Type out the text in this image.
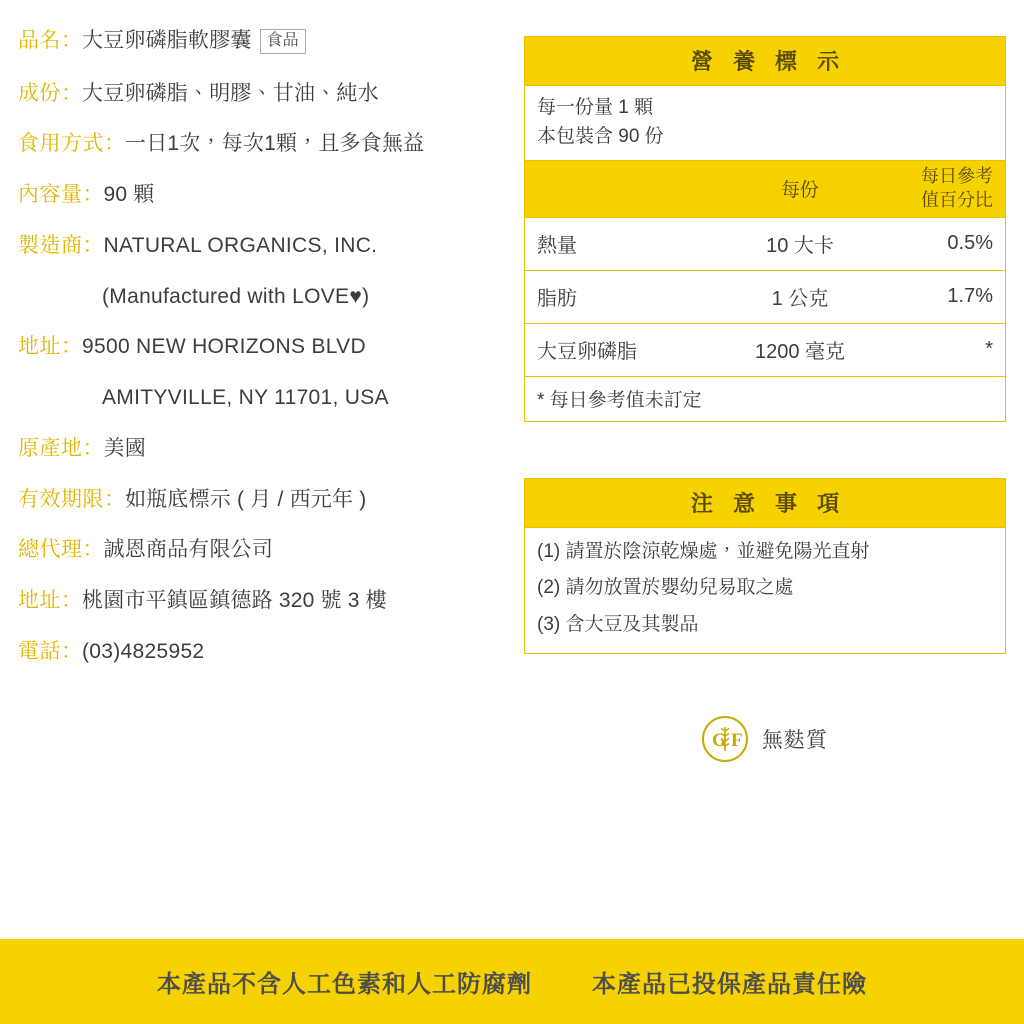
品名 ： 大豆卵磷脂軟膠囊 食品
成份 ： 大豆卵磷脂、明膠、甘油、純水
食用方式 ： 一日1次，每次1顆，且多食無益
內容量 ： 90 顆
製造商 ： NATURAL ORGANICS, INC.
(Manufactured with LOVE♥)
地址 ： 9500 NEW HORIZONS BLVD
AMITYVILLE, NY 11701, USA
原產地 ： 美國
有效期限 ： 如瓶底標示 ( 月 / 西元年 )
總代理 ： 誠恩商品有限公司
地址 ： 桃園市平鎮區鎮德路 320 號 3 樓
電話 ： (03)4825952
營 養 標 示
每一份量 1 顆
本包裝含 90 份
每份
每日參考
值百分比
熱量	10 大卡	0.5%
脂肪	1 公克	1.7%
大豆卵磷脂	1200 毫克	*
* 每日參考值未訂定
注 意 事 項
(1) 請置於陰涼乾燥處，並避免陽光直射
(2) 請勿放置於嬰幼兒易取之處
(3) 含大豆及其製品
G F 無麩質
本產品不含人工色素和人工防腐劑	本產品已投保產品責任險
